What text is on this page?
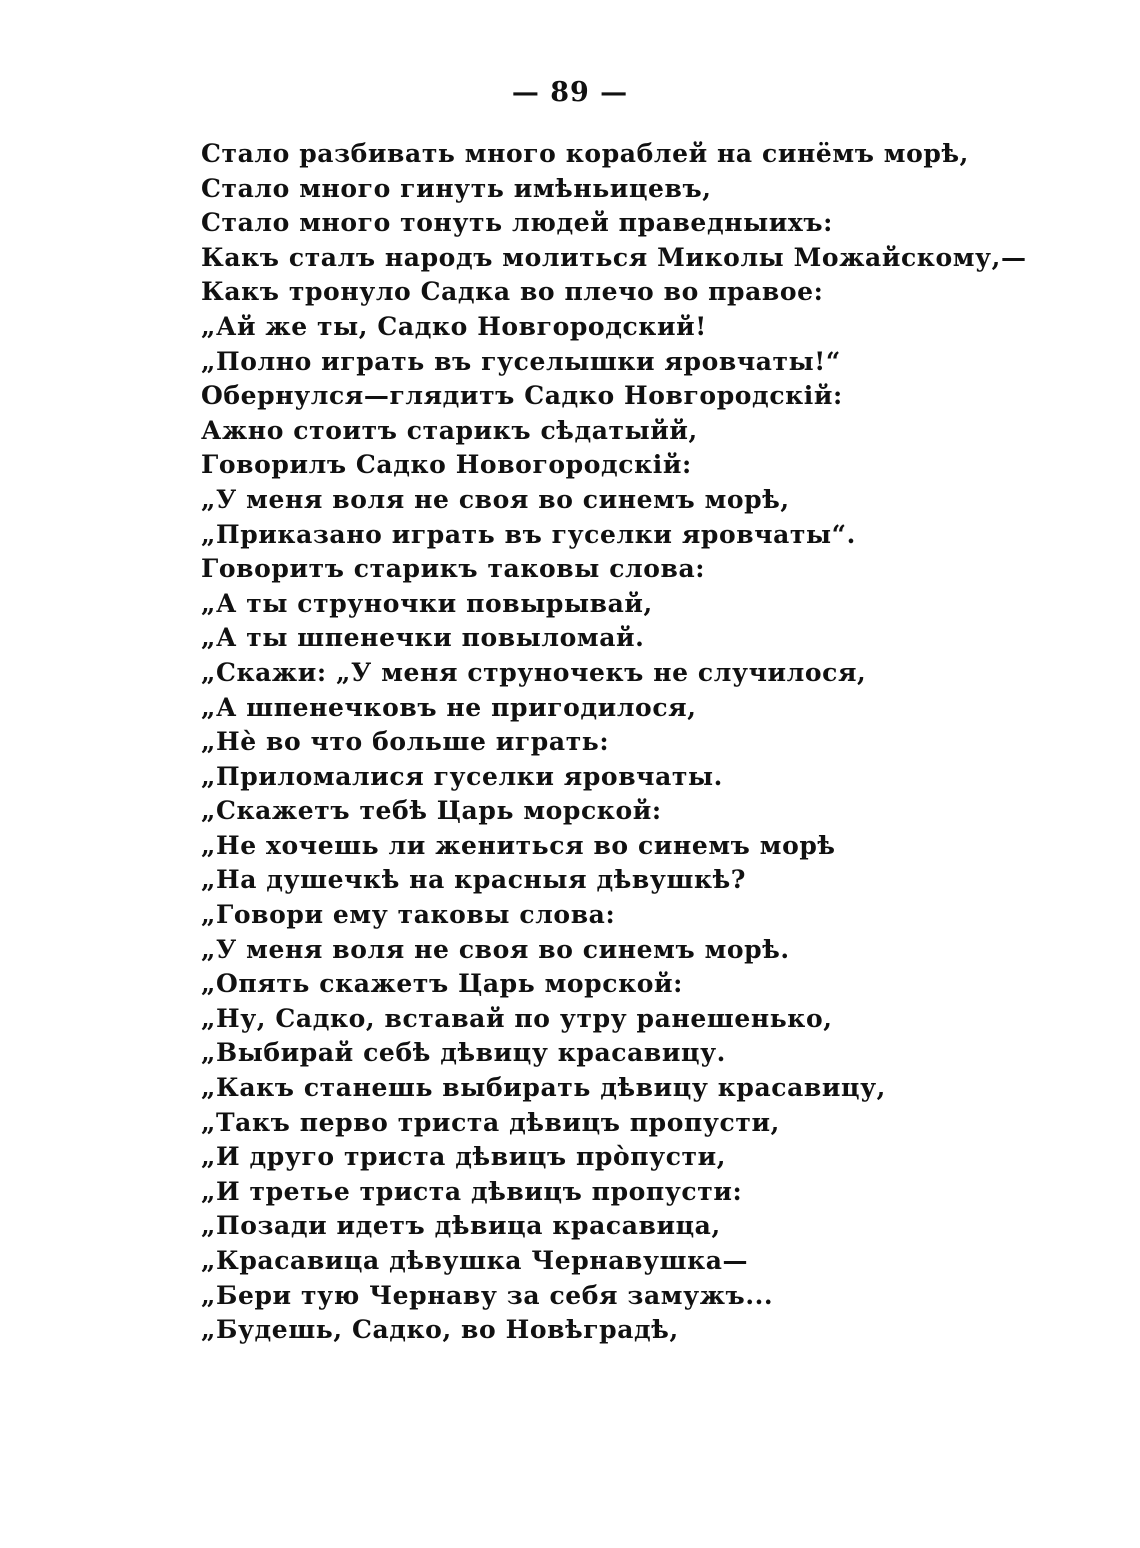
— 89 —
Стало разбивать много кораблей на синёмъ морѣ,
Стало много гинуть имѣньицевъ,
Стало много тонуть людей праведныихъ:
Какъ сталъ народъ молиться Миколы Можайскому,—
Какъ тронуло Садка во плечо во правое:
„Ай же ты, Садко Новгородский!
„Полно играть въ гуселышки яровчаты!“
Обернулся—глядитъ Садко Новгородскiй:
Ажно стоитъ старикъ сѣдатыйй,
Говорилъ Садко Новогородскiй:
„У меня воля не своя во синемъ морѣ,
„Приказано играть въ гуселки яровчаты“.
Говоритъ старикъ таковы слова:
„А ты струночки повырывай,
„А ты шпенечки повыломай.
„Скажи: „У меня струночекъ не случилося,
„А шпенечковъ не пригодилося,
„Нѐ во что больше играть:
„Приломалися гуселки яровчаты.
„Скажетъ тебѣ Царь морской:
„Не хочешь ли жениться во синемъ морѣ
„На душечкѣ на красныя дѣвушкѣ?
„Говори ему таковы слова:
„У меня воля не своя во синемъ морѣ.
„Опять скажетъ Царь морской:
„Ну, Садко, вставай по утру ранешенько,
„Выбирай себѣ дѣвицу красавицу.
„Какъ станешь выбирать дѣвицу красавицу,
„Такъ перво триста дѣвицъ пропусти,
„И друго триста дѣвицъ прòпусти,
„И третье триста дѣвицъ пропусти:
„Позади идетъ дѣвица красавица,
„Красавица дѣвушка Чернавушка—
„Бери тую Чернаву за себя замужъ...
„Будешь, Садко, во Новѣградѣ,
